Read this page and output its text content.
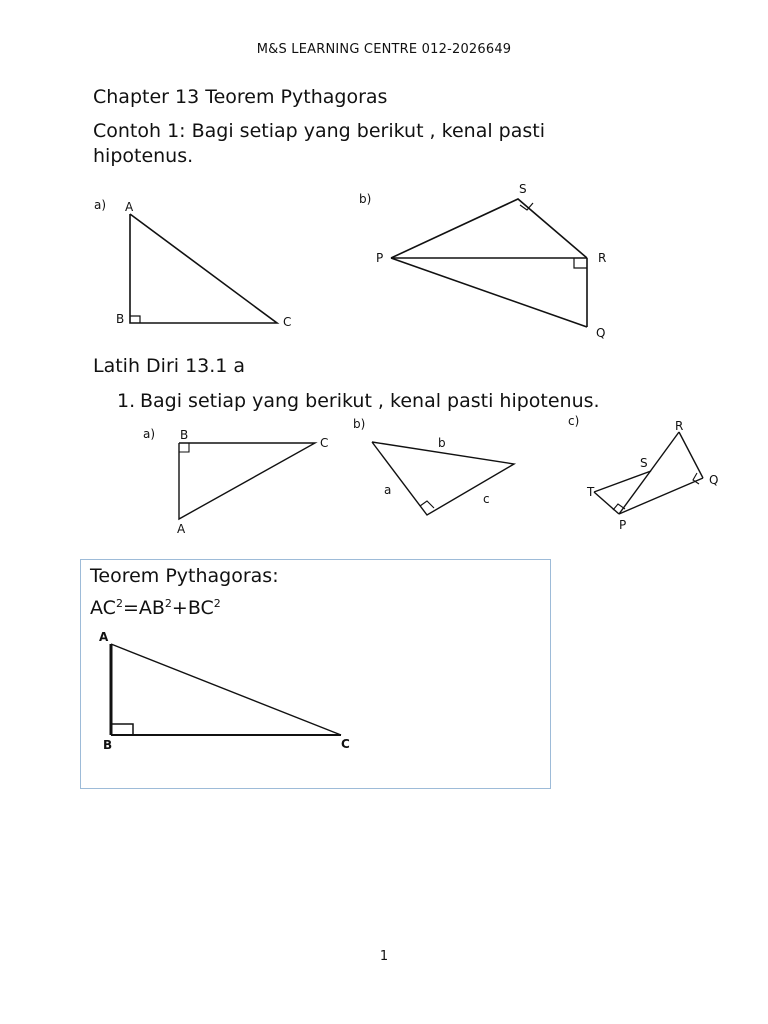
M&S LEARNING CENTRE 012-2026649
Chapter 13 Teorem Pythagoras
Contoh 1: Bagi setiap yang berikut , kenal pasti hipotenus.
a) A
B	C
b)
S
P	R
Q
a) B
C
A
b)
b
a
c
c)	R
S
Q
T
P
A
B	C
Latih Diri 13.1 a
1. Bagi setiap yang berikut , kenal pasti hipotenus.
Teorem Pythagoras:
$AC^2=AB^2+BC^2$
1
